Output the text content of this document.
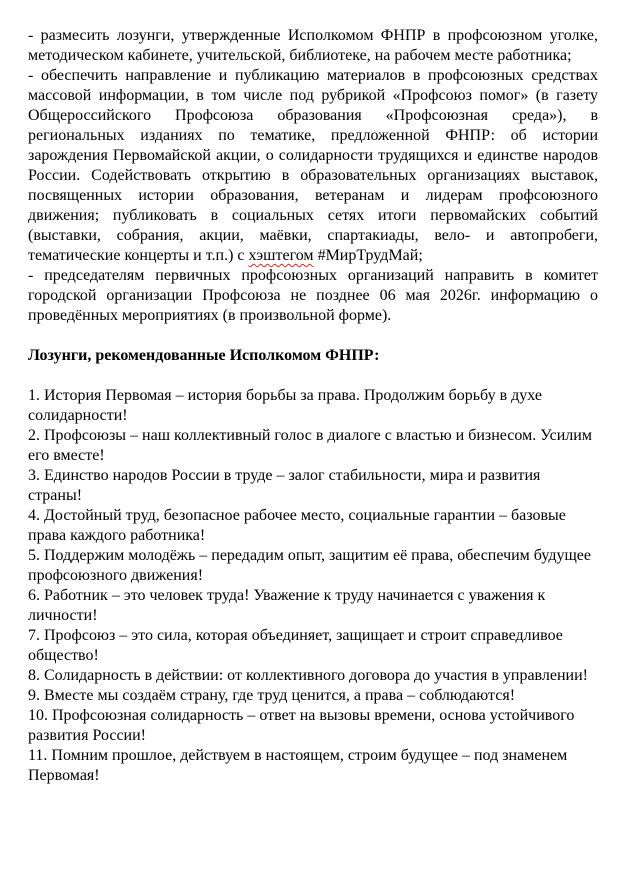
- размесить лозунги, утвержденные Исполкомом ФНПР в профсоюзном уголке, методическом кабинете, учительской, библиотеке, на рабочем месте работника;

- обеспечить направление и публикацию материалов в профсоюзных средствах массовой информации, в том числе под рубрикой «Профсоюз помог» (в газету Общероссийского Профсоюза образования «Профсоюзная среда»), в региональных изданиях по тематике, предложенной ФНПР: об истории зарождения Первомайской акции, о солидарности трудящихся и единстве народов России. Содействовать открытию в образовательных организациях выставок, посвященных истории образования, ветеранам и лидерам профсоюзного движения; публиковать в социальных сетях итоги первомайских событий (выставки, собрания, акции, маёвки, спартакиады, вело- и автопробеги, тематические концерты и т.п.) с хэштегом #МирТрудМай;

- председателям первичных профсоюзных организаций направить в комитет городской организации Профсоюза не позднее 06 мая 2026г. информацию о проведённых мероприятиях (в произвольной форме).

Лозунги, рекомендованные Исполкомом ФНПР:

1. История Первомая – история борьбы за права. Продолжим борьбу в духе солидарности!

2. Профсоюзы – наш коллективный голос в диалоге с властью и бизнесом. Усилим его вместе!

3. Единство народов России в труде – залог стабильности, мира и развития страны!

4. Достойный труд, безопасное рабочее место, социальные гарантии – базовые права каждого работника!

5. Поддержим молодёжь – передадим опыт, защитим её права, обеспечим будущее профсоюзного движения!

6. Работник – это человек труда! Уважение к труду начинается с уважения к личности!

7. Профсоюз – это сила, которая объединяет, защищает и строит справедливое общество!

8. Солидарность в действии: от коллективного договора до участия в управлении!

9. Вместе мы создаём страну, где труд ценится, а права – соблюдаются!

10. Профсоюзная солидарность – ответ на вызовы времени, основа устойчивого развития России!

11. Помним прошлое, действуем в настоящем, строим будущее – под знаменем Первомая!
